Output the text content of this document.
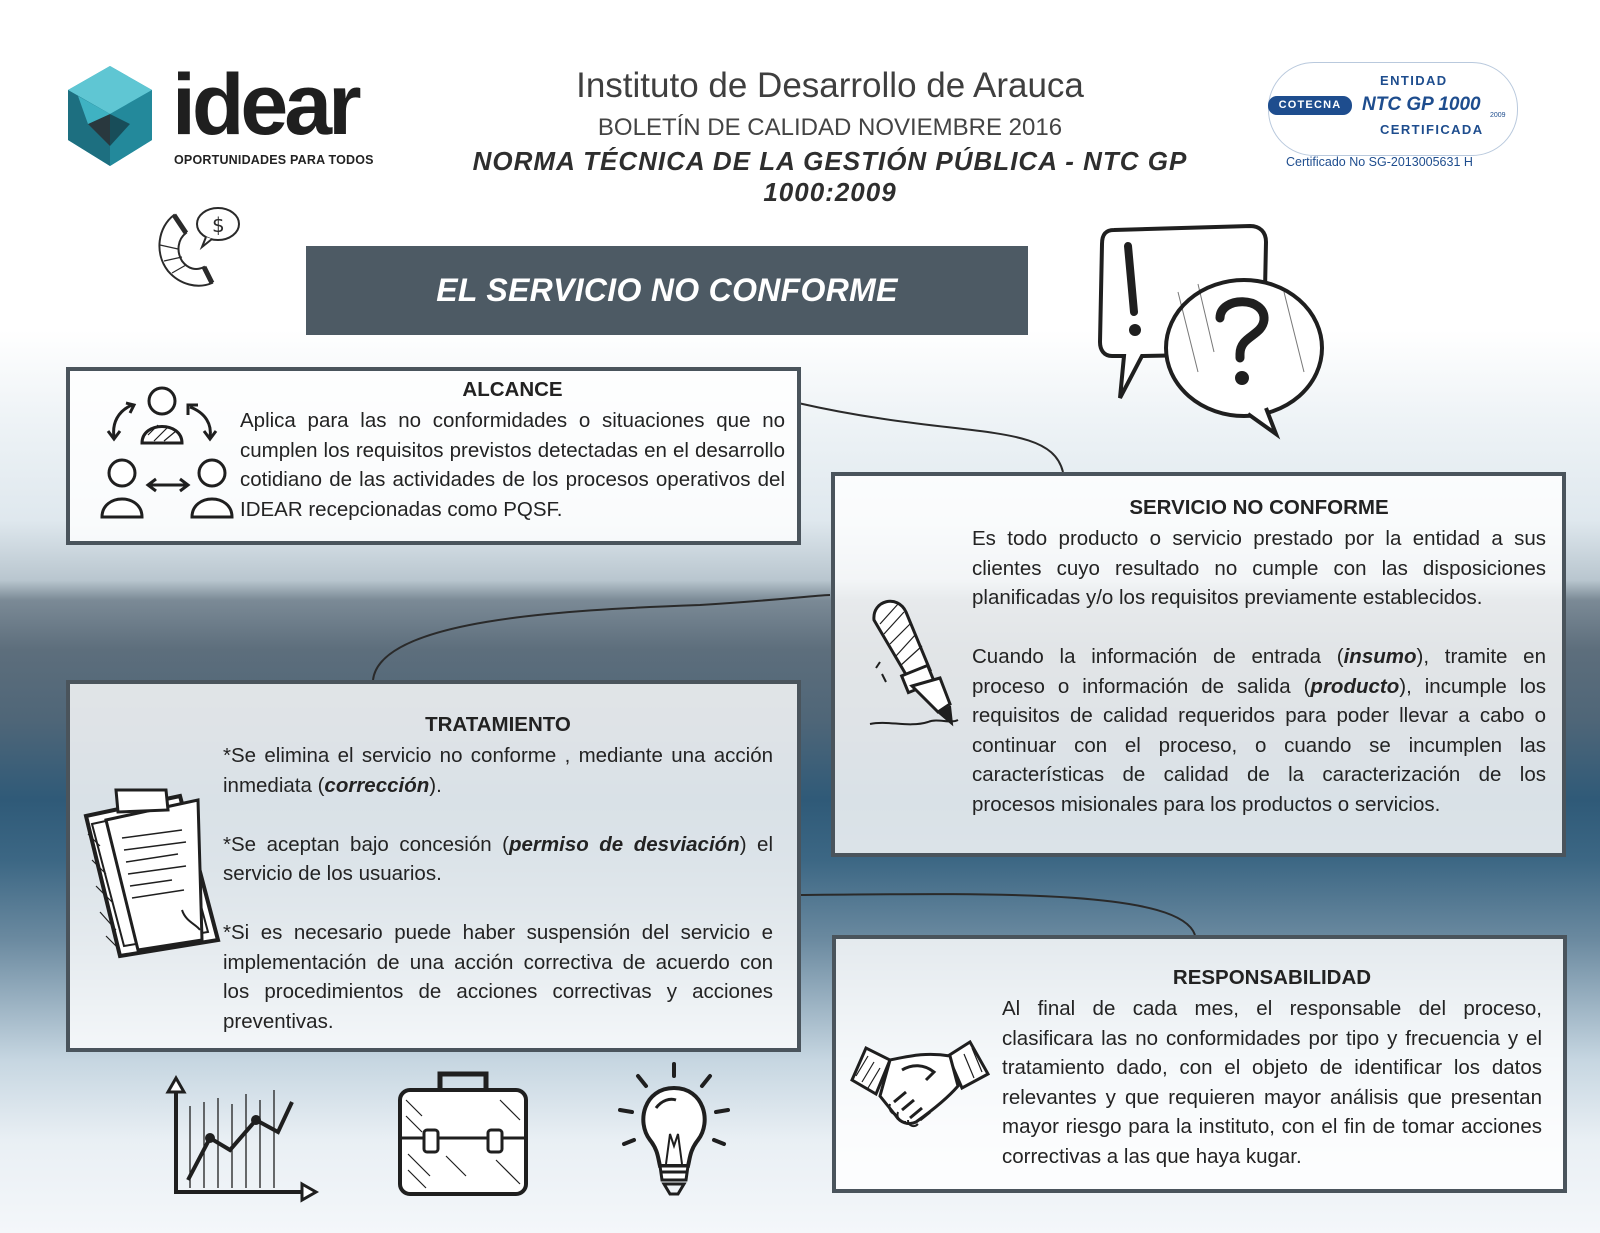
idear
OPORTUNIDADES PARA TODOS
Instituto de Desarrollo de Arauca
BOLETÍN DE CALIDAD NOVIEMBRE 2016
NORMA TÉCNICA DE LA GESTIÓN PÚBLICA - NTC GP 1000:2009
ENTIDAD
COTECNA	NTC GP 1000
2009
CERTIFICADA
Certificado No SG-2013005631 H
$
EL SERVICIO NO CONFORME
ALCANCE
Aplica para las no conformidades o situaciones que no cumplen los requisitos previstos detectadas en el desarrollo cotidiano de las actividades de los procesos operativos del IDEAR recepcionadas como PQSF.	SERVICIO NO CONFORME

Es todo producto o servicio prestado por la entidad a sus clientes cuyo resultado no cumple con las disposiciones planificadas y/o los requisitos previamente establecidos.

Cuando la información de entrada (insumo), tramite en proceso o información de salida (producto), incumple los requisitos de calidad requeridos para poder llevar a cabo o continuar con el proceso, o cuando se incumplen las características de calidad de la caracterización de los procesos misionales para los productos o servicios.

TRATAMIENTO

*Se elimina el servicio no conforme , mediante una acción inmediata (corrección).

*Se aceptan bajo concesión (permiso de desviación) el servicio de los usuarios.

*Si es necesario puede haber suspensión del servicio e implementación de una acción correctiva de acuerdo con los procedimientos de acciones correctivas y acciones preventivas.

RESPONSABILIDAD
Al final de cada mes, el responsable del proceso, clasificara las no conformidades por tipo y frecuencia y el tratamiento dado, con el objeto de identificar los datos relevantes y que requieren mayor análisis que presentan mayor riesgo para la instituto, con el fin de tomar acciones correctivas a las que haya kugar.
